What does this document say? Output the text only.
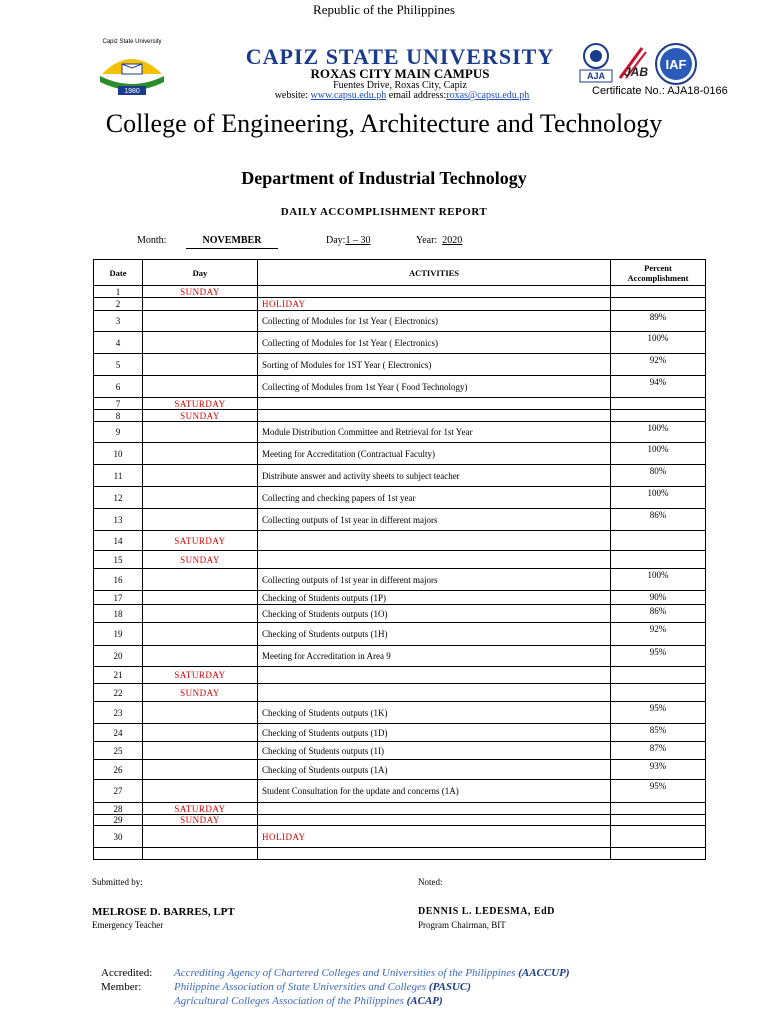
Republic of the Philippines
Capiz State University
1980
CAPIZ STATE UNIVERSITY
ROXAS CITY MAIN CAMPUS
Fuentes Drive, Roxas City, Capiz
website: www.capsu.edu.ph email address:roxas@capsu.edu.ph
AJA JAB IAF
Certificate No.: AJA18-0166
College of Engineering, Architecture and Technology
Department of Industrial Technology
DAILY ACCOMPLISHMENT REPORT
Month:	NOVEMBER	Day:1 – 30	Year: 2020
Date	Day	ACTIVITIES	Percent Accomplishment
1	SUNDAY		
2		HOLIDAY	
3		Collecting of Modules for 1st Year ( Electronics)	89%
4		Collecting of Modules for 1st Year ( Electronics)	100%
5		Sorting of Modules for 1ST Year ( Electronics)	92%
6		Collecting of Modules from 1st Year ( Food Technology)	94%
7	SATURDAY		
8	SUNDAY		
9		Module Distribution Committee and Retrieval for 1st Year	100%
10		Meeting for Accreditation (Contractual Faculty)	100%
11		Distribute answer and activity sheets to subject teacher	80%
12		Collecting and checking papers of 1st year	100%
13		Collecting outputs of 1st year in different majors	86%
14	SATURDAY		
15	SUNDAY		
16		Collecting outputs of 1st year in different majors	100%
17		Checking of Students outputs (1P)	90%
18		Checking of Students outputs (1O)	86%
19		Checking of Students outputs (1H)	92%
20		Meeting for Accreditation in Area 9	95%
21	SATURDAY		
22	SUNDAY		
23		Checking of Students outputs (1K)	95%
24		Checking of Students outputs (1D)	85%
25		Checking of Students outputs (1I)	87%
26		Checking of Students outputs (1A)	93%
27		Student Consultation for the update and concerns (1A)	95%
28	SATURDAY		
29	SUNDAY		
30		HOLIDAY	

Submitted by:	Noted:
MELROSE D. BARRES, LPT
Emergency Teacher
DENNIS L. LEDESMA, EdD
Program Chairman, BIT
Accredited:
Member:
Accrediting Agency of Chartered Colleges and Universities of the Philippines (AACCUP)
Philippine Association of State Universities and Colleges (PASUC)
Agricultural Colleges Association of the Philippines (ACAP)
